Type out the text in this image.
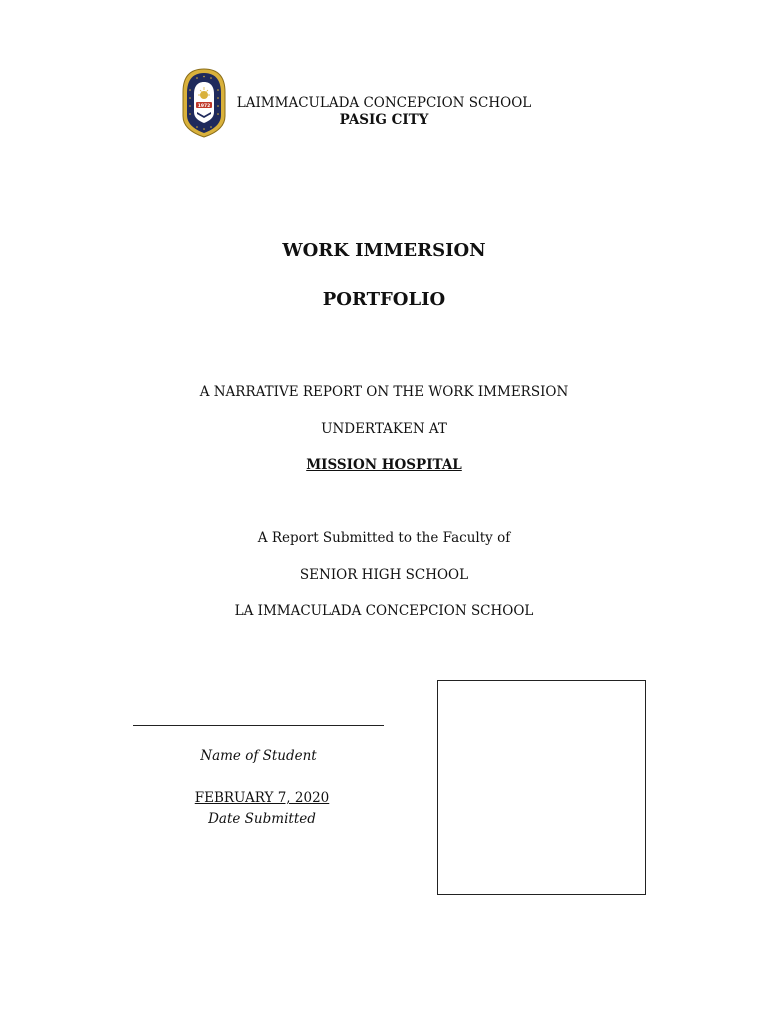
1972	LAIMMACULADA CONCEPCION SCHOOL
PASIG CITY
WORK IMMERSION
PORTFOLIO
A NARRATIVE REPORT ON THE WORK IMMERSION
UNDERTAKEN AT
MISSION HOSPITAL
A Report Submitted to the Faculty of
SENIOR HIGH SCHOOL
LA IMMACULADA CONCEPCION SCHOOL
Name of Student
FEBRUARY 7, 2020
Date Submitted
